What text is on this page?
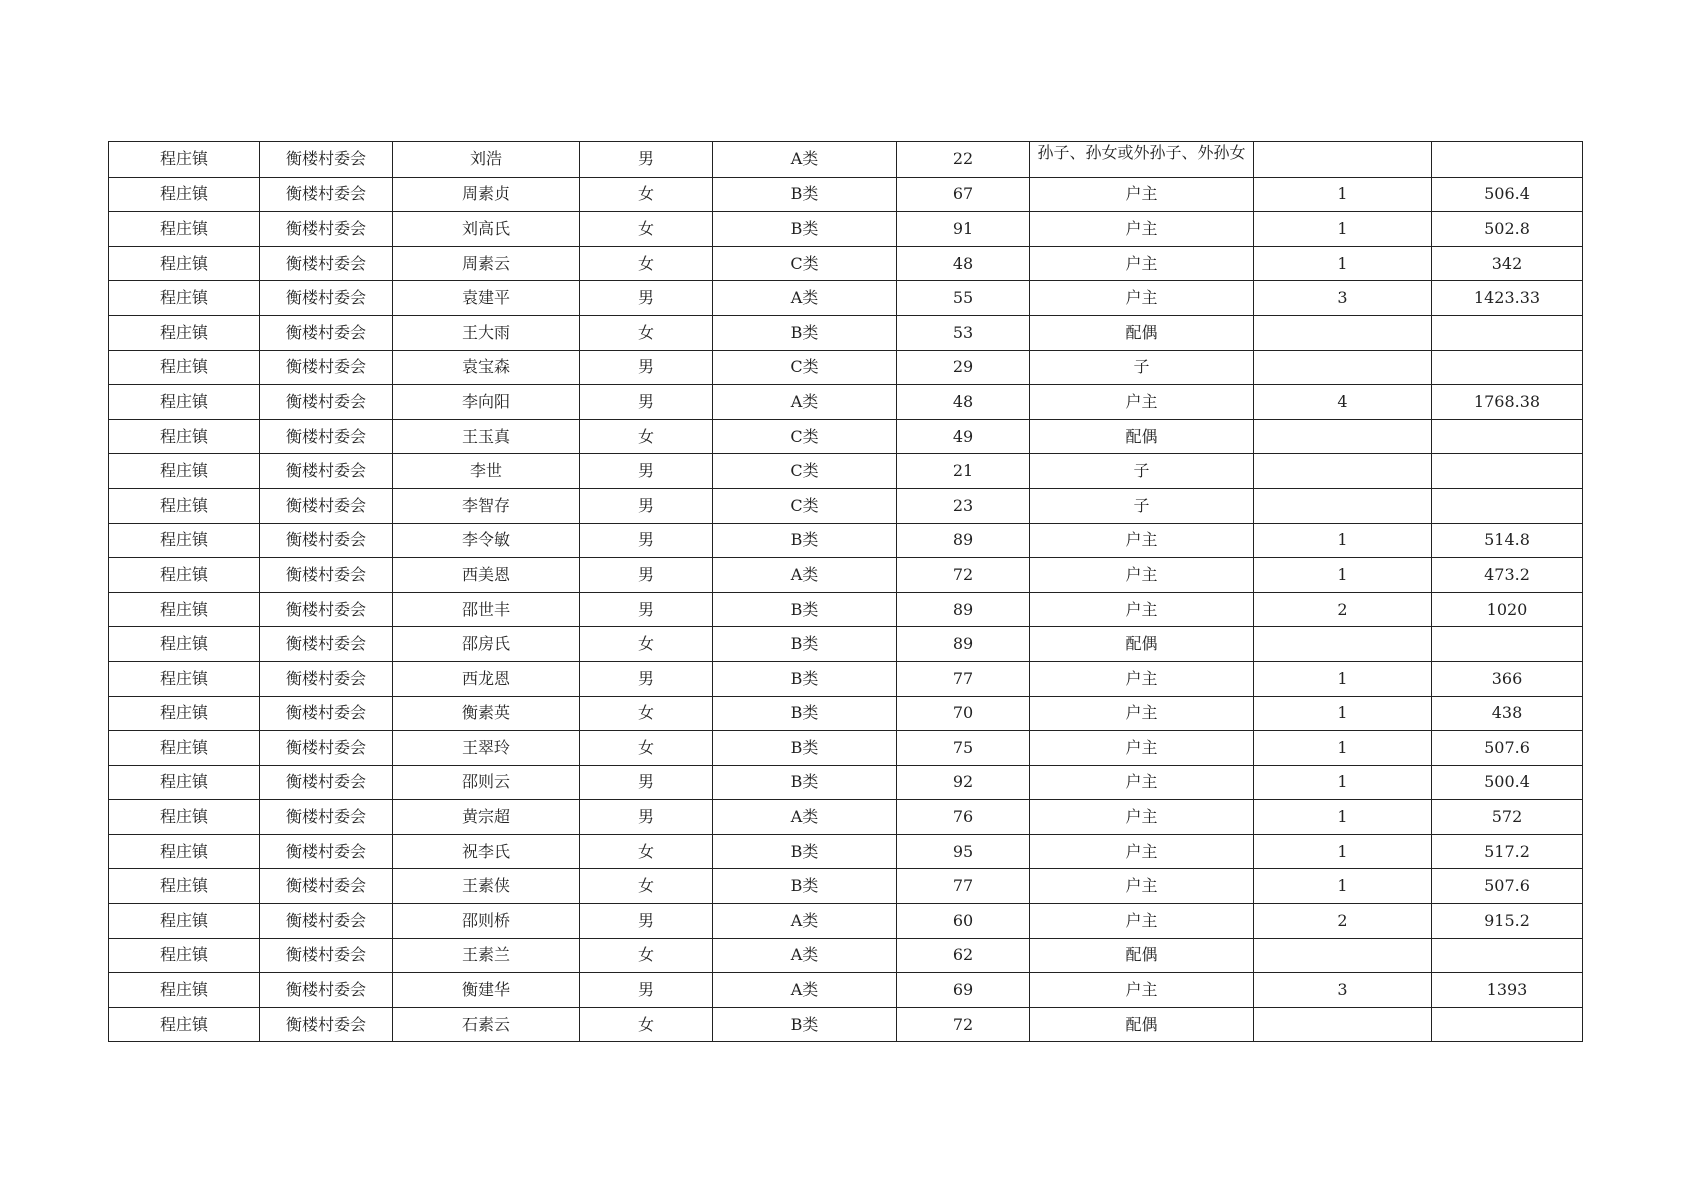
程庄镇	衡楼村委会	刘浩	男	A类	22	孙子、孙女或外孙子、外孙女		
程庄镇	衡楼村委会	周素贞	女	B类	67	户主	1	506.4
程庄镇	衡楼村委会	刘高氏	女	B类	91	户主	1	502.8
程庄镇	衡楼村委会	周素云	女	C类	48	户主	1	342
程庄镇	衡楼村委会	袁建平	男	A类	55	户主	3	1423.33
程庄镇	衡楼村委会	王大雨	女	B类	53	配偶		
程庄镇	衡楼村委会	袁宝森	男	C类	29	子		
程庄镇	衡楼村委会	李向阳	男	A类	48	户主	4	1768.38
程庄镇	衡楼村委会	王玉真	女	C类	49	配偶		
程庄镇	衡楼村委会	李世	男	C类	21	子		
程庄镇	衡楼村委会	李智存	男	C类	23	子		
程庄镇	衡楼村委会	李令敏	男	B类	89	户主	1	514.8
程庄镇	衡楼村委会	西美恩	男	A类	72	户主	1	473.2
程庄镇	衡楼村委会	邵世丰	男	B类	89	户主	2	1020
程庄镇	衡楼村委会	邵房氏	女	B类	89	配偶		
程庄镇	衡楼村委会	西龙恩	男	B类	77	户主	1	366
程庄镇	衡楼村委会	衡素英	女	B类	70	户主	1	438
程庄镇	衡楼村委会	王翠玲	女	B类	75	户主	1	507.6
程庄镇	衡楼村委会	邵则云	男	B类	92	户主	1	500.4
程庄镇	衡楼村委会	黄宗超	男	A类	76	户主	1	572
程庄镇	衡楼村委会	祝李氏	女	B类	95	户主	1	517.2
程庄镇	衡楼村委会	王素侠	女	B类	77	户主	1	507.6
程庄镇	衡楼村委会	邵则桥	男	A类	60	户主	2	915.2
程庄镇	衡楼村委会	王素兰	女	A类	62	配偶		
程庄镇	衡楼村委会	衡建华	男	A类	69	户主	3	1393
程庄镇	衡楼村委会	石素云	女	B类	72	配偶		
